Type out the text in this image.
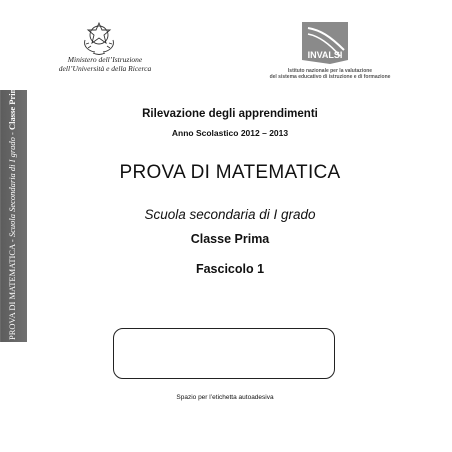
Ministero dell’Istruzione
dell’Università e della Ricerca
INVALSI
Istituto nazionale per la valutazione
del sistema educativo di istruzione e di formazione
PROVA DI MATEMATICA - Scuola Secondaria di I grado - Classe Prima	Rilevazione degli apprendimenti
Anno Scolastico 2012 – 2013
PROVA DI MATEMATICA
Scuola secondaria di I grado
Classe Prima
Fascicolo 1
Spazio per l’etichetta autoadesiva
